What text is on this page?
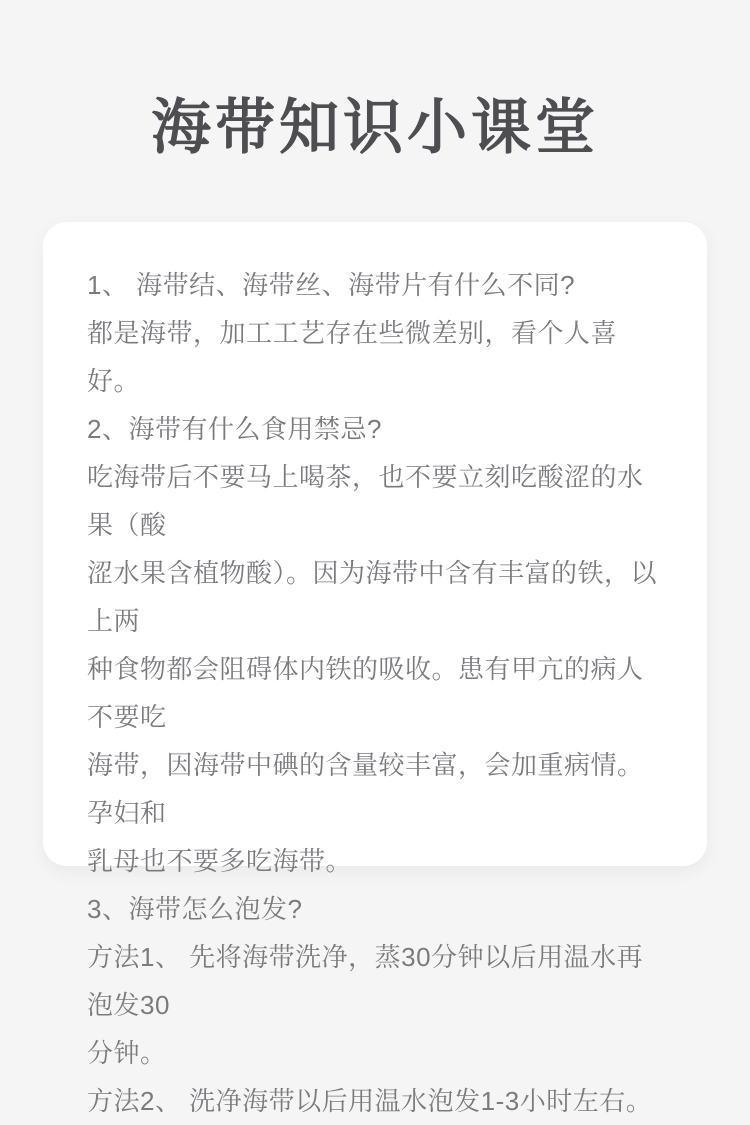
海带知识小课堂
1、 海带结、海带丝、海带片有什么不同?
都是海带，加工工艺存在些微差别，看个人喜好。
2、海带有什么食用禁忌?
吃海带后不要马上喝茶，也不要立刻吃酸涩的水果（酸
涩水果含植物酸）。因为海带中含有丰富的铁，以上两
种食物都会阻碍体内铁的吸收。患有甲亢的病人不要吃
海带，因海带中碘的含量较丰富，会加重病情。孕妇和
乳母也不要多吃海带。
3、海带怎么泡发?
方法1、 先将海带洗净，蒸30分钟以后用温水再泡发30
分钟。
方法2、 洗净海带以后用温水泡发1-3小时左右。
